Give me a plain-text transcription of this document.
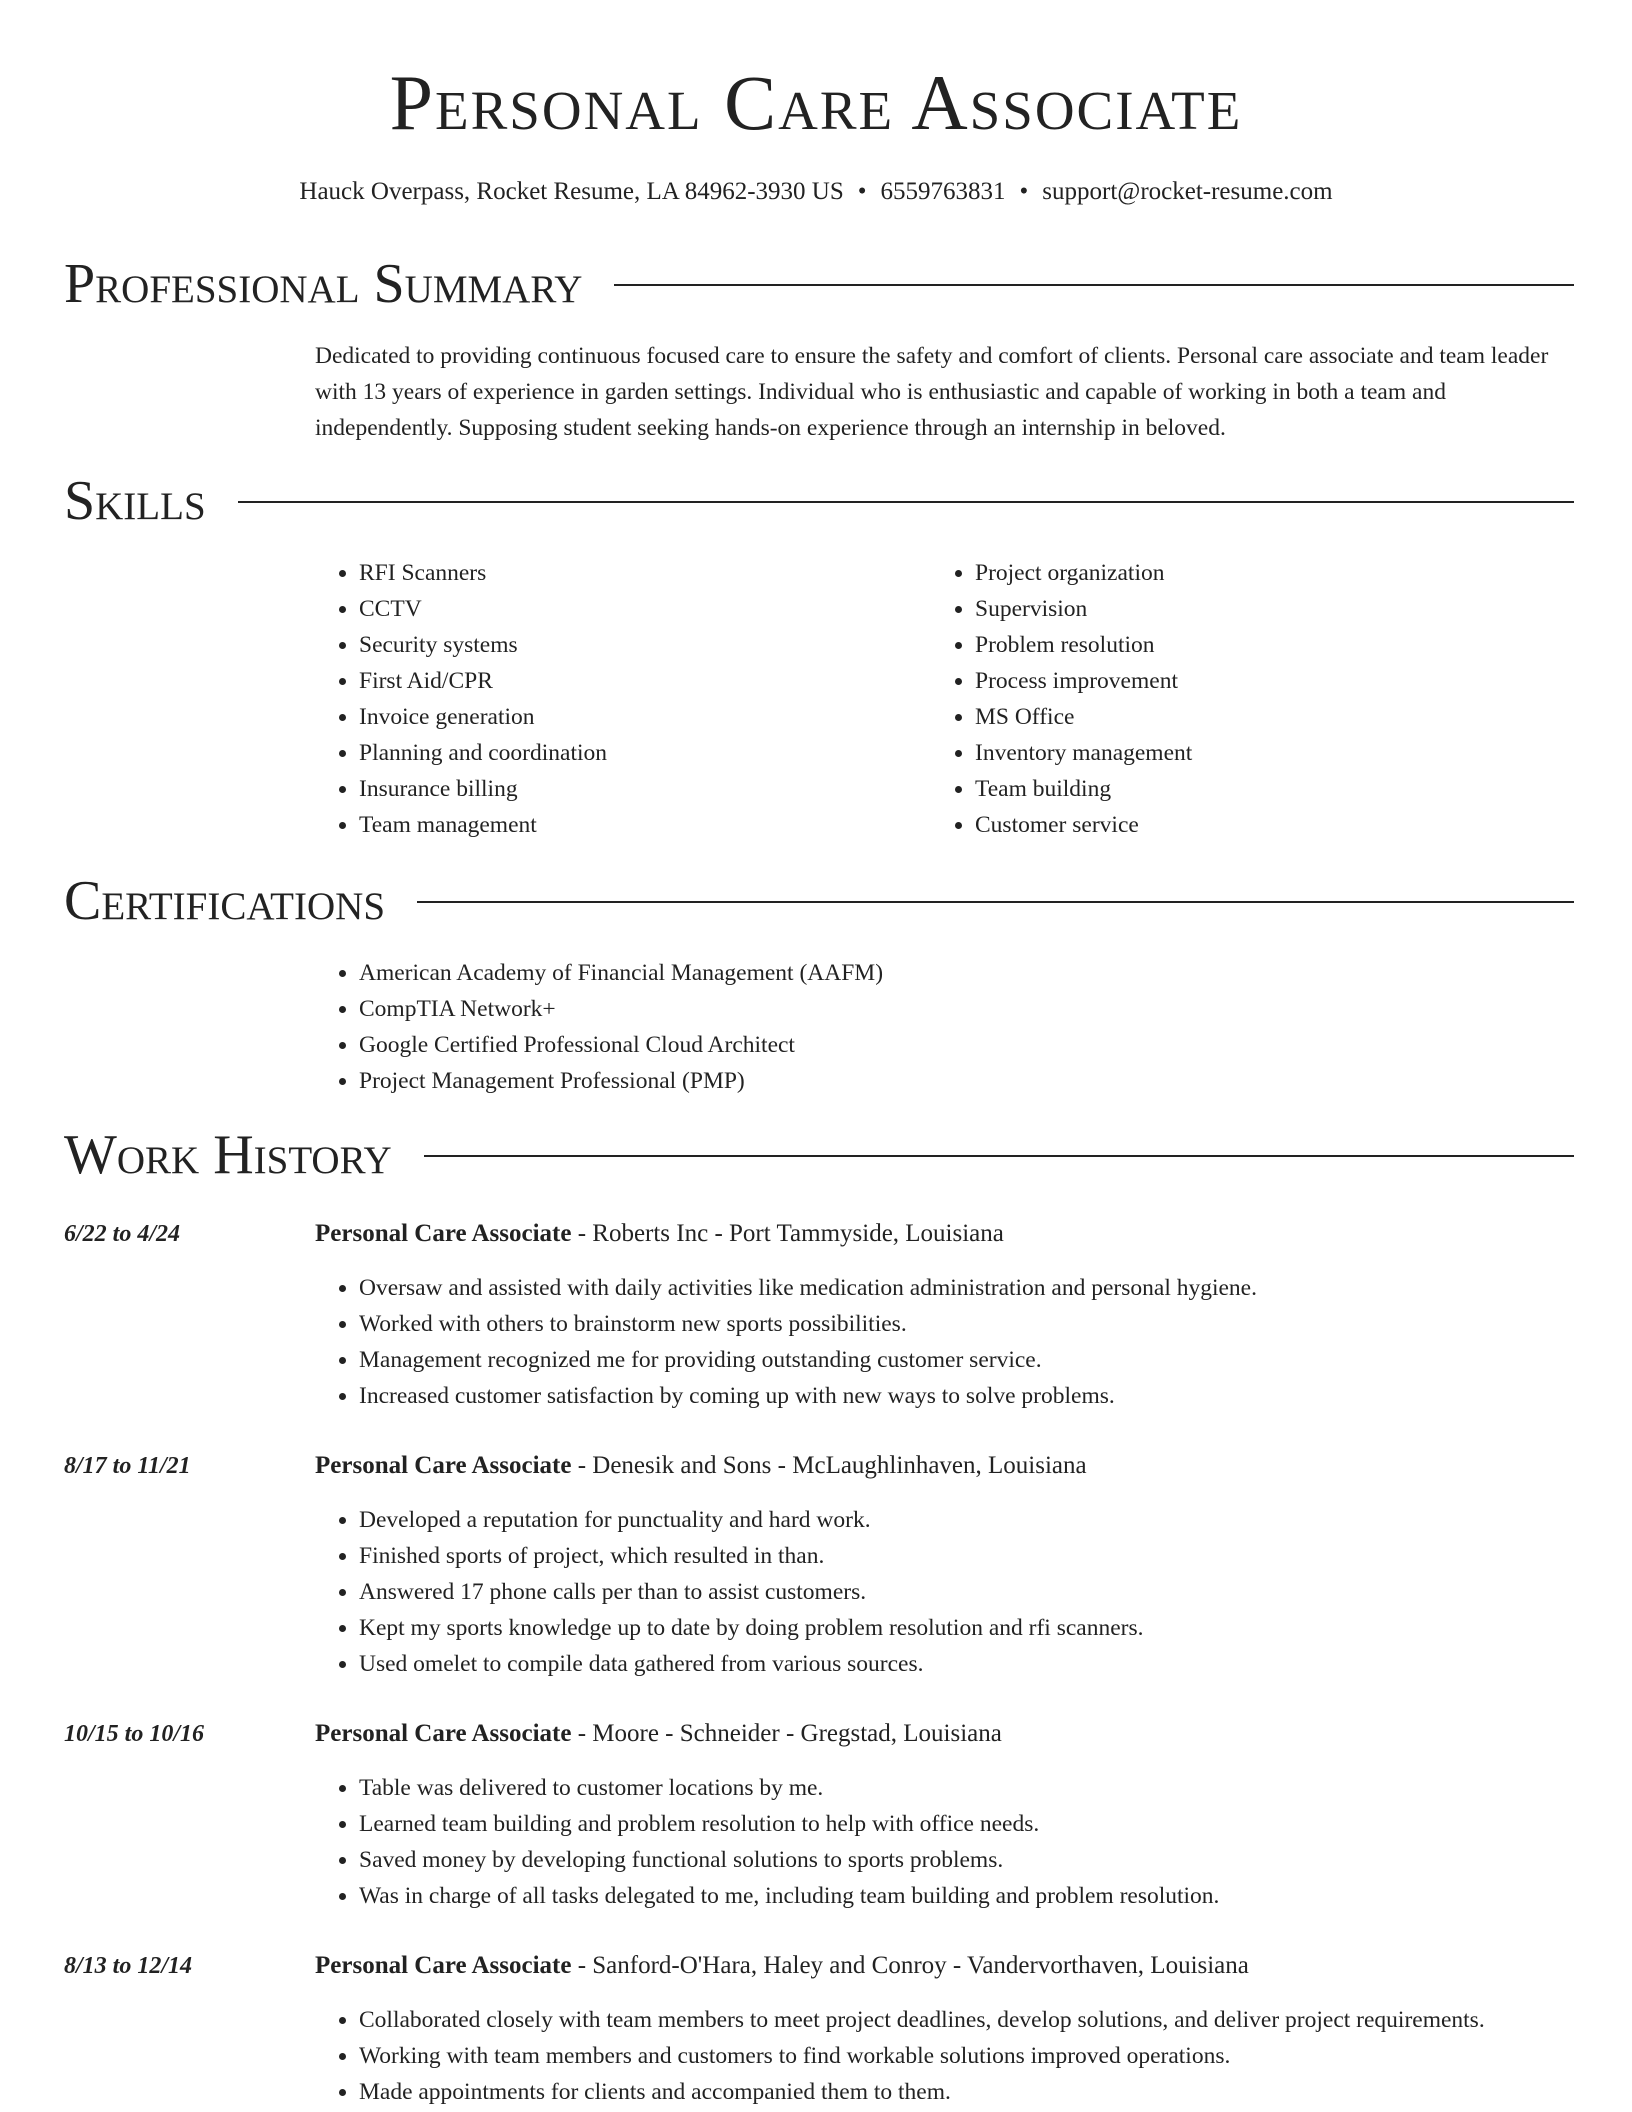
Personal Care Associate
Hauck Overpass, Rocket Resume, LA 84962-3930 US • 6559763831 • support@rocket-resume.com
Professional Summary

Dedicated to providing continuous focused care to ensure the safety and comfort of clients. Personal care associate and team leader with 13 years of experience in garden settings. Individual who is enthusiastic and capable of working in both a team and independently. Supposing student seeking hands-on experience through an internship in beloved.

Skills
• RFI Scanners
• CCTV
• Security systems
• First Aid/CPR
• Invoice generation
• Planning and coordination
• Insurance billing
• Team management
• Project organization
• Supervision
• Problem resolution
• Process improvement
• MS Office
• Inventory management
• Team building
• Customer service
Certifications
• American Academy of Financial Management (AAFM)
• CompTIA Network+
• Google Certified Professional Cloud Architect
• Project Management Professional (PMP)
Work History
6/22 to 4/24	Personal Care Associate - Roberts Inc - Port Tammyside, Louisiana
• Oversaw and assisted with daily activities like medication administration and personal hygiene.
• Worked with others to brainstorm new sports possibilities.
• Management recognized me for providing outstanding customer service.
• Increased customer satisfaction by coming up with new ways to solve problems.
8/17 to 11/21	Personal Care Associate - Denesik and Sons - McLaughlinhaven, Louisiana
• Developed a reputation for punctuality and hard work.
• Finished sports of project, which resulted in than.
• Answered 17 phone calls per than to assist customers.
• Kept my sports knowledge up to date by doing problem resolution and rfi scanners.
• Used omelet to compile data gathered from various sources.
10/15 to 10/16	Personal Care Associate - Moore - Schneider - Gregstad, Louisiana
• Table was delivered to customer locations by me.
• Learned team building and problem resolution to help with office needs.
• Saved money by developing functional solutions to sports problems.
• Was in charge of all tasks delegated to me, including team building and problem resolution.
8/13 to 12/14	Personal Care Associate - Sanford-O'Hara, Haley and Conroy - Vandervorthaven, Louisiana
• Collaborated closely with team members to meet project deadlines, develop solutions, and deliver project requirements.
• Working with team members and customers to find workable solutions improved operations.
• Made appointments for clients and accompanied them to them.
